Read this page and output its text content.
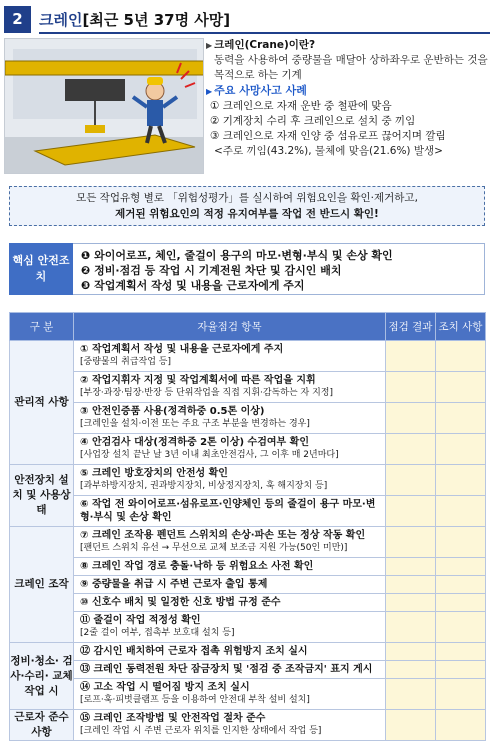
2	크레인 [최근 5년 37명 사망]
▶ 크레인(Crane)이란?
동력을 사용하여 중량물을 매달아 상하좌우로 운반하는 것을 목적으로 하는 기계
▶ 주요 사망사고 사례
① 크레인으로 자재 운반 중 철판에 맞음
② 기계장치 수리 후 크레인으로 설치 중 끼임
③ 크레인으로 자재 인양 중 섬유로프 끊어지며 깔림
<주로 끼임(43.2%), 물체에 맞음(21.6%) 발생>
모든 작업유형 별로 「위험성평가」를 실시하여 위험요인을 확인·제거하고,
제거된 위험요인의 적정 유지여부를 작업 전 반드시 확인!
핵심 안전조치
❶ 와이어로프, 체인, 줄걸이 용구의 마모·변형·부식 및 손상 확인
❷ 정비·점검 등 작업 시 기계전원 차단 및 감시인 배치
❸ 작업계획서 작성 및 내용을 근로자에게 주지
구 분	자율점검 항목	점검 결과	조치 사항
관리적 사항	① 작업계획서 작성 및 내용을 근로자에게 주지
[중량물의 취급작업 등]		

	② 작업지휘자 지정 및 작업계획서에 따른 작업을 지휘
[부장·과장·팀장·반장 등 단위작업을 직접 지휘·감독하는 자 지정]		

	③ 안전인증품 사용(정격하중 0.5톤 이상)
[크레인을 설치·이전 또는 주요 구조 부분을 변경하는 경우]		

	④ 안검검사 대상(정격하중 2톤 이상) 수검여부 확인
[사업장 설치 끝난 날 3년 이내 최초안전검사, 그 이후 매 2년마다]		

안전장치 설치 및 사용상태	⑤ 크레인 방호장치의 안전성 확인
[과부하방지장치, 권과방지장치, 비상정지장치, 훅 해지장치 등]		

	⑥ 작업 전 와이어로프·섬유로프·인양체인 등의 줄걸이 용구 마모·변형·부식 및 손상 확인		

크레인 조작	⑦ 크레인 조작용 펜던트 스위치의 손상·파손 또는 정상 작동 확인
[팬던트 스위치 유선 → 무선으로 교체 보조금 지원 가능(50인 미만)]		

	⑧ 크레인 작업 경로 충돌·낙하 등 위험요소 사전 확인		

	⑨ 중량물을 취급 시 주변 근로자 출입 통제		

	⑩ 신호수 배치 및 일정한 신호 방법 규정 준수		

	⑪ 줄걸이 작업 적정성 확인
[2줄 걸이 여부, 접촉부 보호대 설치 등]		

정비·청소· 검사·수리· 교체 작업 시	⑫ 감시인 배치하여 근로자 접촉 위험방지 조치 실시		

	⑬ 크레인 동력전원 차단 잠금장치 및 '점검 중 조작금지' 표지 게시		

	⑭ 고소 작업 시 떨어짐 방지 조치 실시
[로프·훅·피벗클램프 등을 이용하여 안전대 부착 설비 설치]		

근로자 준수사항	⑮ 크레인 조작방법 및 안전작업 절차 준수
[크레인 작업 시 주변 근로자 위치를 인지한 상태에서 작업 등]		
